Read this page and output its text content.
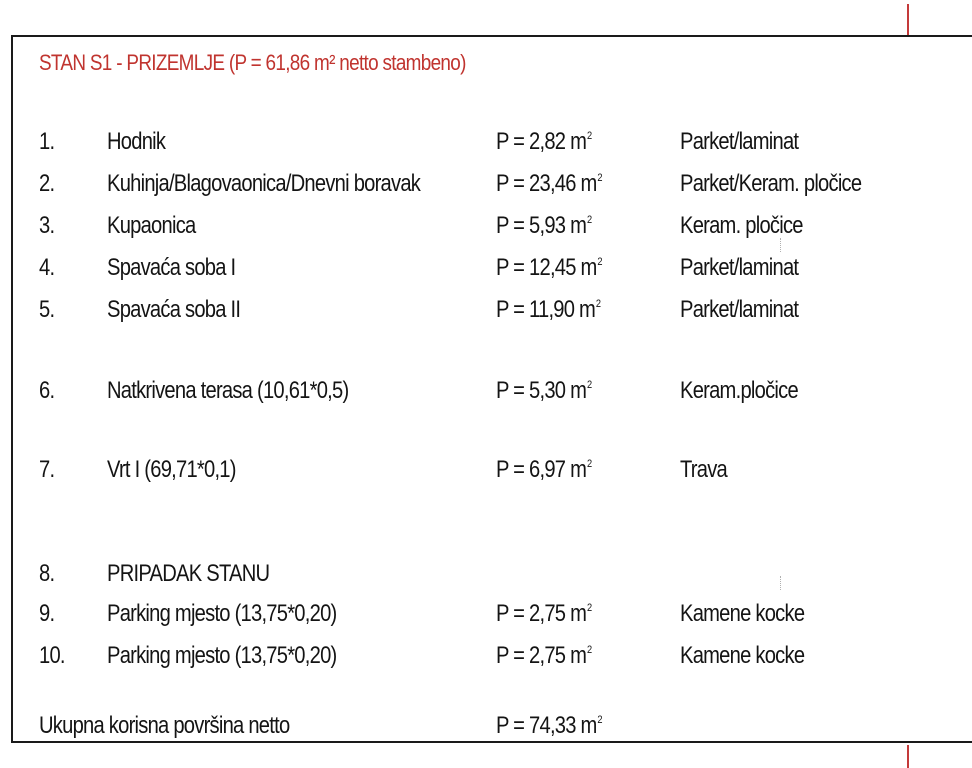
STAN S1 - PRIZEMLJE (P = 61,86 m² netto stambeno)
1. Hodnik	P = 2,82 $m^2$	Parket/laminat
2. Kuhinja/Blagovaonica/Dnevni boravak	P = 23,46 $m^2$	Parket/Keram. pločice
3. Kupaonica	P = 5,93 $m^2$	Keram. pločice
4. Spavaća soba I	P = 12,45 $m^2$	Parket/laminat
5. Spavaća soba II	P = 11,90 $m^2$	Parket/laminat
6. Natkrivena terasa (10,61*0,5)	P = 5,30 $m^2$	Keram.pločice
7. Vrt I (69,71*0,1)	P = 6,97 $m^2$	Trava
8. PRIPADAK STANU
9. Parking mjesto (13,75*0,20)	P = 2,75 $m^2$	Kamene kocke
10. Parking mjesto (13,75*0,20)	P = 2,75 $m^2$	Kamene kocke
Ukupna korisna površina netto	P = 74,33 $m^2$
